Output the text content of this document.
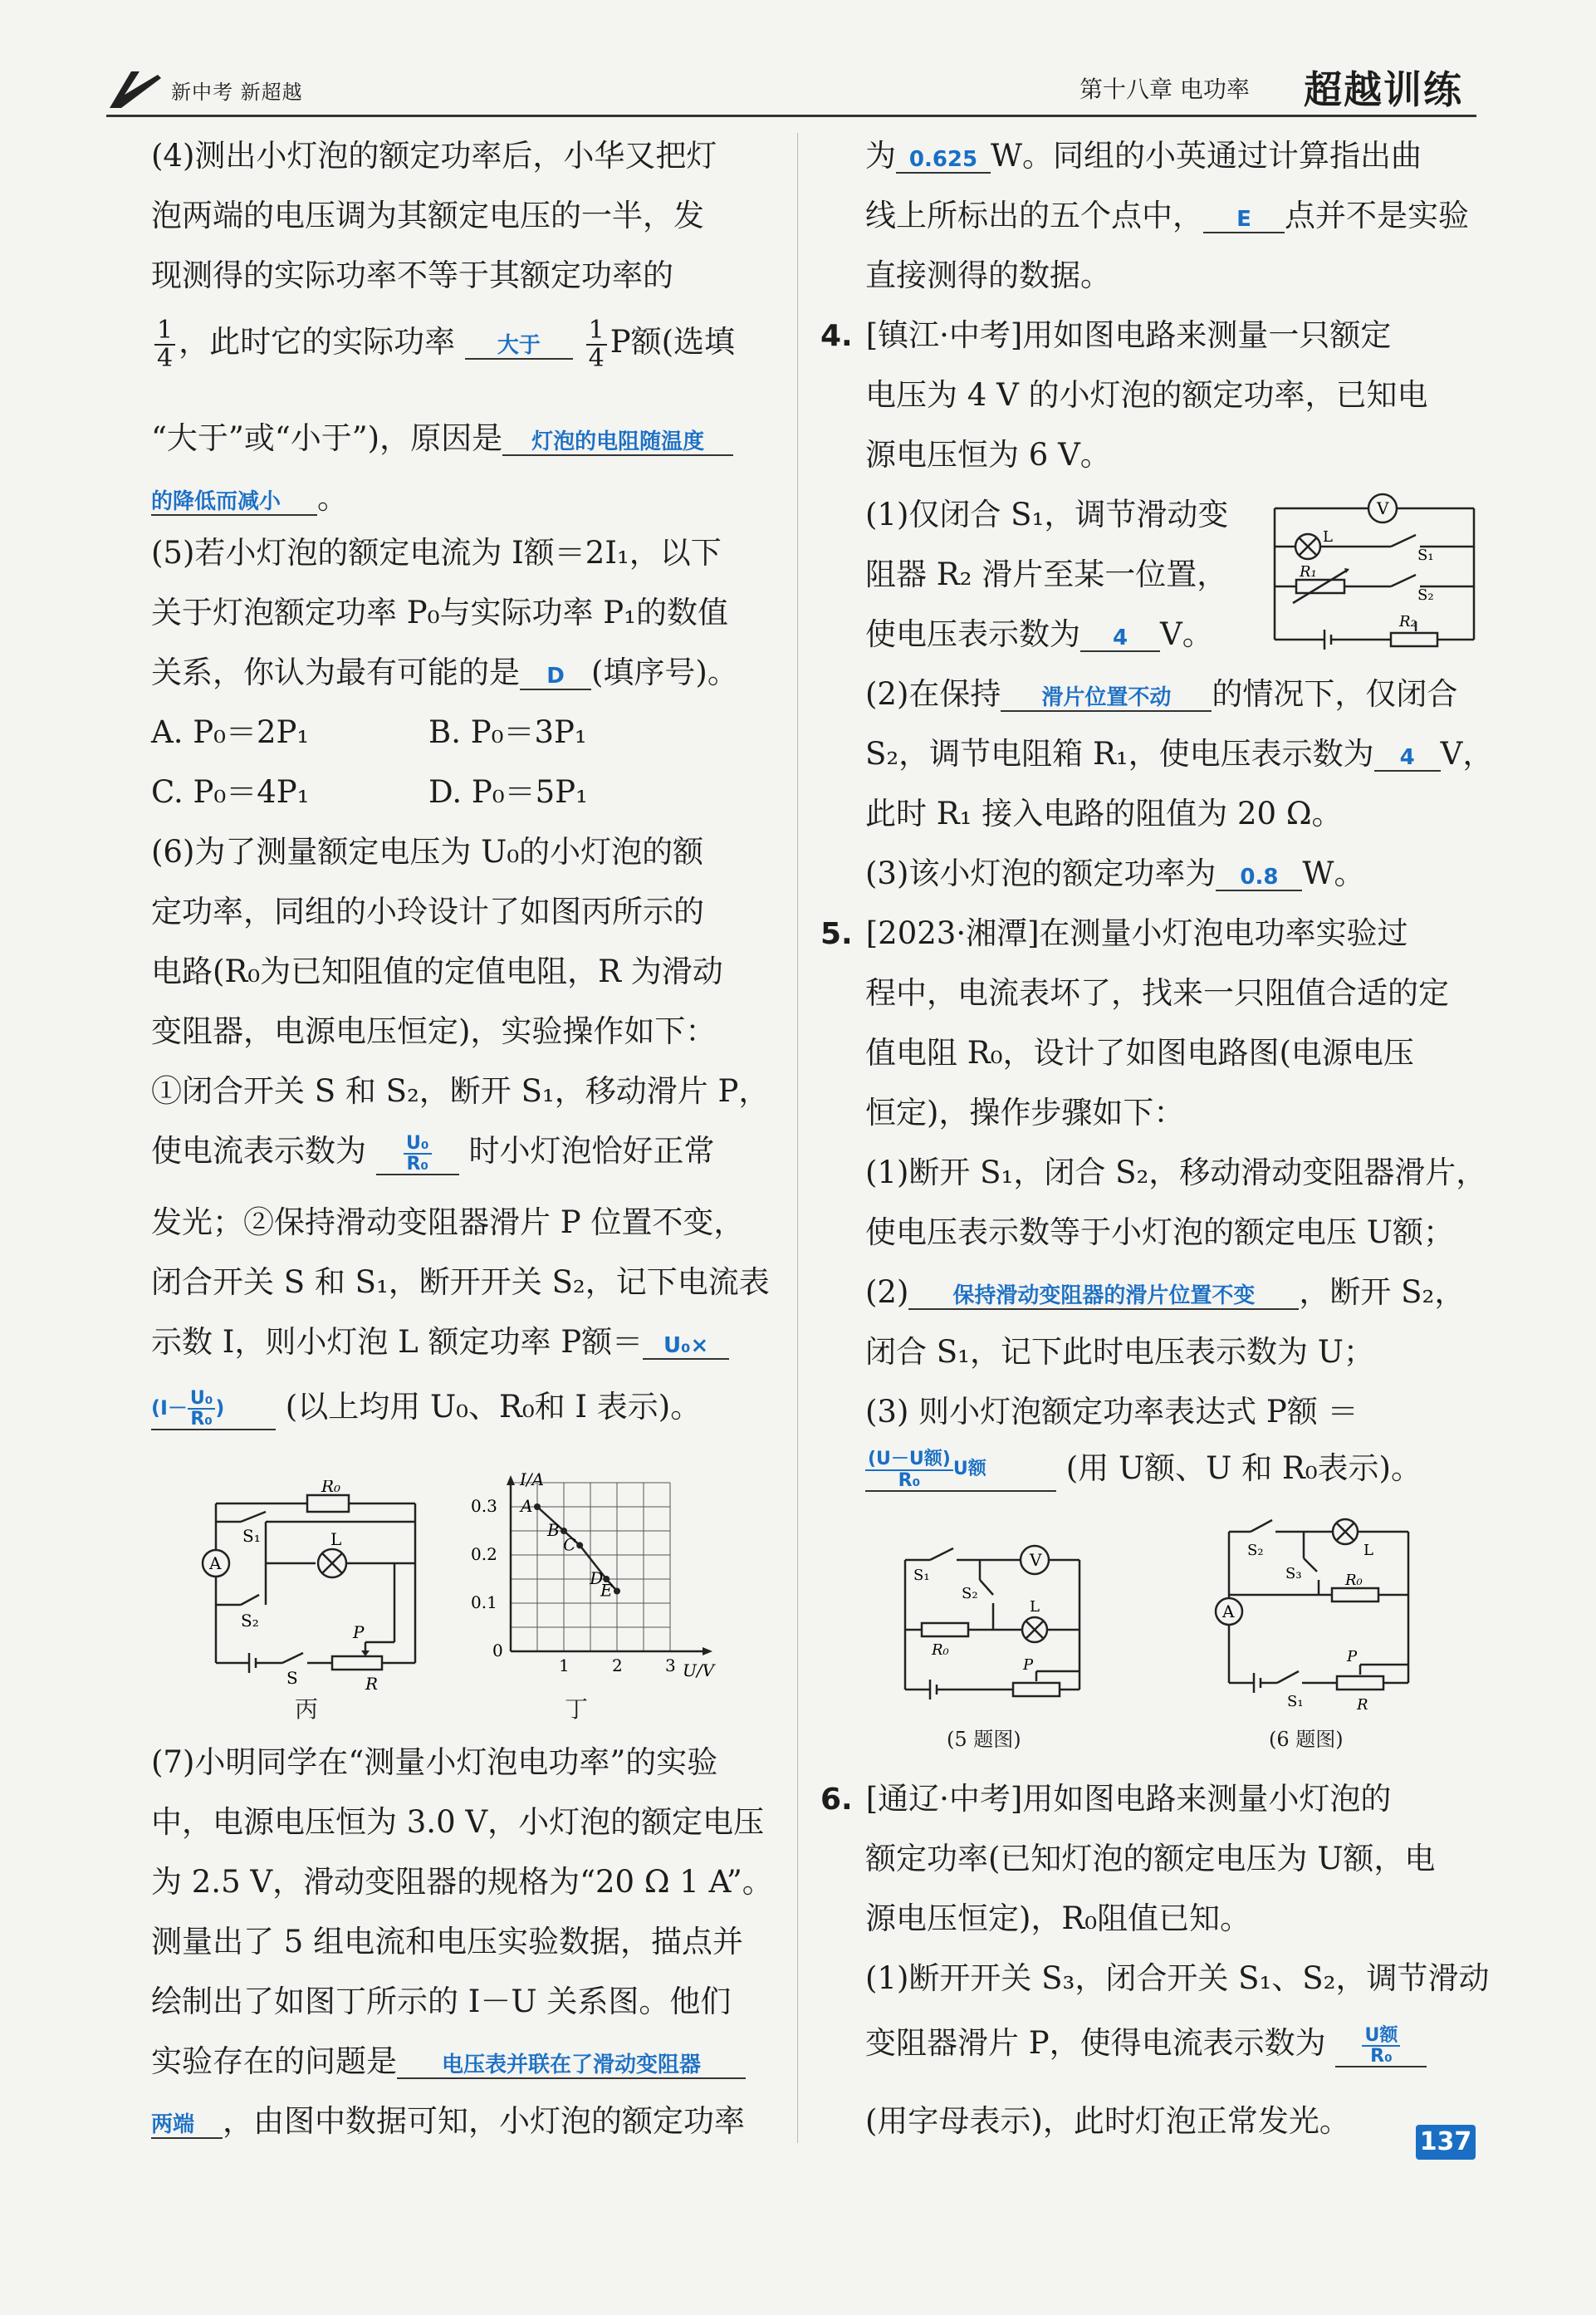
新中考 新超越	第十八章 电功率 超越训练
(4)测出小灯泡的额定功率后，小华又把灯
泡两端的电压调为其额定电压的一半，发
现测得的实际功率不等于其额定功率的
$\frac{1}{4}$ ，此时它的实际功率 大于 $\frac{1}{4}$ P额(选填
“大于”或“小于”)，原因是 灯泡的电阻随温度
的降低而减小 。
(5)若小灯泡的额定电流为 I额＝2I₁，以下
关于灯泡额定功率 P₀与实际功率 P₁的数值
关系，你认为最有可能的是 D (填序号)。
A. P₀＝2P₁	B. P₀＝3P₁
C. P₀＝4P₁	D. P₀＝5P₁
(6)为了测量额定电压为 U₀的小灯泡的额
定功率，同组的小玲设计了如图丙所示的
电路(R₀为已知阻值的定值电阻，R 为滑动
变阻器，电源电压恒定)，实验操作如下：
①闭合开关 S 和 S₂，断开 S₁，移动滑片 P，
使电流表示数为 $\frac{\text{U₀}}{\text{R₀}}$ 时小灯泡恰好正常
发光；②保持滑动变阻器滑片 P 位置不变，
闭合开关 S 和 S₁，断开开关 S₂，记下电流表
示数 I，则小灯泡 L 额定功率 P额＝ U₀×
($I- \frac{\text{U₀}}{\text{R₀}}$ ) (以上均用 U₀、R₀和 I 表示)。
R₀
A
S₁	L
S₂
S
P
R
丙
A
B
C
D
E
0
1	2	3
0.1
0.2
0.3
I/A
U/V
丁
(7)小明同学在“测量小灯泡电功率”的实验
中，电源电压恒为 3.0 V，小灯泡的额定电压
为 2.5 V，滑动变阻器的规格为“20 Ω 1 A”。
测量出了 5 组电流和电压实验数据，描点并
绘制出了如图丁所示的 I－U 关系图。他们
实验存在的问题是 电压表并联在了滑动变阻器
两端 ，由图中数据可知，小灯泡的额定功率
为 0.625 W。同组的小英通过计算指出曲
线上所标出的五个点中， E 点并不是实验
直接测得的数据。
4. [镇江·中考]用如图电路来测量一只额定
电压为 4 V 的小灯泡的额定功率，已知电
源电压恒为 6 V。
(1)仅闭合 S₁，调节滑动变
阻器 R₂ 滑片至某一位置，
使电压表示数为 4 V。
V
L
S₁
R₁
S₂
R₂
(2)在保持 滑片位置不动 的情况下，仅闭合
S₂，调节电阻箱 R₁，使电压表示数为 4 V，
此时 R₁ 接入电路的阻值为 20 Ω。
(3)该小灯泡的额定功率为 0.8 W。
5. [2023·湘潭]在测量小灯泡电功率实验过
程中，电流表坏了，找来一只阻值合适的定
值电阻 R₀，设计了如图电路图(电源电压
恒定)，操作步骤如下：
(1)断开 S₁，闭合 S₂，移动滑动变阻器滑片，
使电压表示数等于小灯泡的额定电压 U额；
(2) 保持滑动变阻器的滑片位置不变 ，断开 S₂，
闭合 S₁，记下此时电压表示数为 U；
(3) 则小灯泡额定功率表达式 P额 ＝
(U－U额)
R₀
U额	(用 U额、U 和 R₀表示)。
V
S₁
S₂
L
R₀
P
(5 题图)
S₂	L
S₃
A
R₀
P
S₁	R
(6 题图)
6. [通辽·中考]用如图电路来测量小灯泡的
额定功率(已知灯泡的额定电压为 U额，电
源电压恒定)，R₀阻值已知。
(1)断开开关 S₃，闭合开关 S₁、S₂，调节滑动
变阻器滑片 P，使得电流表示数为 U额
R₀
(用字母表示)，此时灯泡正常发光。
137
